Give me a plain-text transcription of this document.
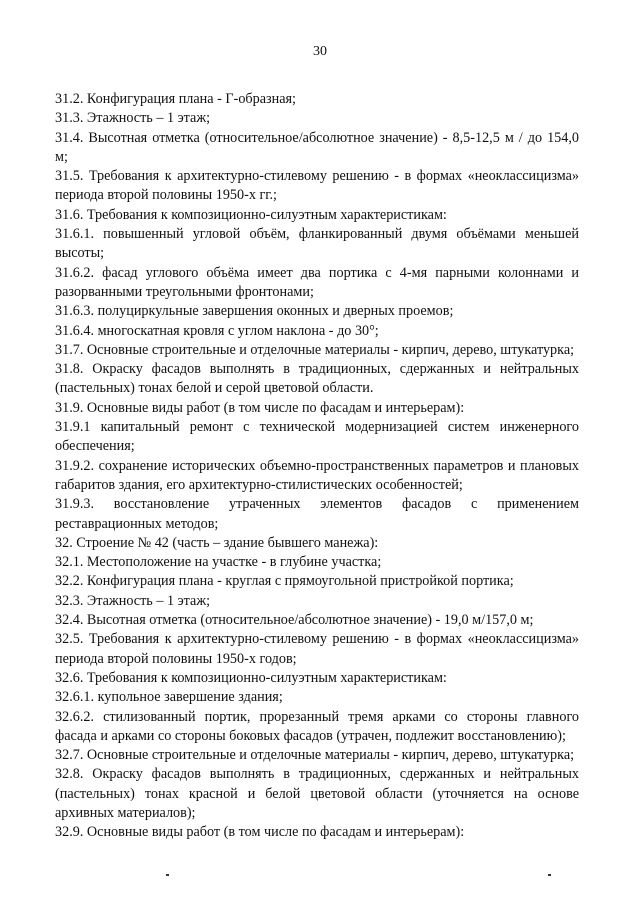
30

31.2. Конфигурация плана - Г-образная;

31.3. Этажность – 1 этаж;

31.4. Высотная отметка (относительное/абсолютное значение) - 8,5-12,5 м / до 154,0 м;

31.5. Требования к архитектурно-стилевому решению - в формах «неоклассицизма» периода второй половины 1950-х гг.;

31.6. Требования к композиционно-силуэтным характеристикам:

31.6.1. повышенный угловой объём, фланкированный двумя объёмами меньшей высоты;

31.6.2. фасад углового объёма имеет два портика с 4-мя парными колоннами и разорванными треугольными фронтонами;

31.6.3. полуциркульные завершения оконных и дверных проемов;

31.6.4. многоскатная кровля с углом наклона - до 30°;

31.7. Основные строительные и отделочные материалы - кирпич, дерево, штукатурка;

31.8. Окраску фасадов выполнять в традиционных, сдержанных и нейтральных (пастельных) тонах белой и серой цветовой области.

31.9. Основные виды работ (в том числе по фасадам и интерьерам):

31.9.1 капитальный ремонт с технической модернизацией систем инженерного обеспечения;

31.9.2. сохранение исторических объемно-пространственных параметров и плановых габаритов здания, его архитектурно-стилистических особенностей;

31.9.3. восстановление утраченных элементов фасадов с применением реставрационных методов;

32. Строение № 42 (часть – здание бывшего манежа):

32.1. Местоположение на участке - в глубине участка;

32.2. Конфигурация плана - круглая с прямоугольной пристройкой портика;

32.3. Этажность – 1 этаж;

32.4. Высотная отметка (относительное/абсолютное значение) - 19,0 м/157,0 м;

32.5. Требования к архитектурно-стилевому решению - в формах «неоклассицизма» периода второй половины 1950-х годов;

32.6. Требования к композиционно-силуэтным характеристикам:

32.6.1. купольное завершение здания;

32.6.2. стилизованный портик, прорезанный тремя арками со стороны главного фасада и арками со стороны боковых фасадов (утрачен, подлежит восстановлению);

32.7. Основные строительные и отделочные материалы - кирпич, дерево, штукатурка;

32.8. Окраску фасадов выполнять в традиционных, сдержанных и нейтральных (пастельных) тонах красной и белой цветовой области (уточняется на основе архивных материалов);

32.9. Основные виды работ (в том числе по фасадам и интерьерам):
